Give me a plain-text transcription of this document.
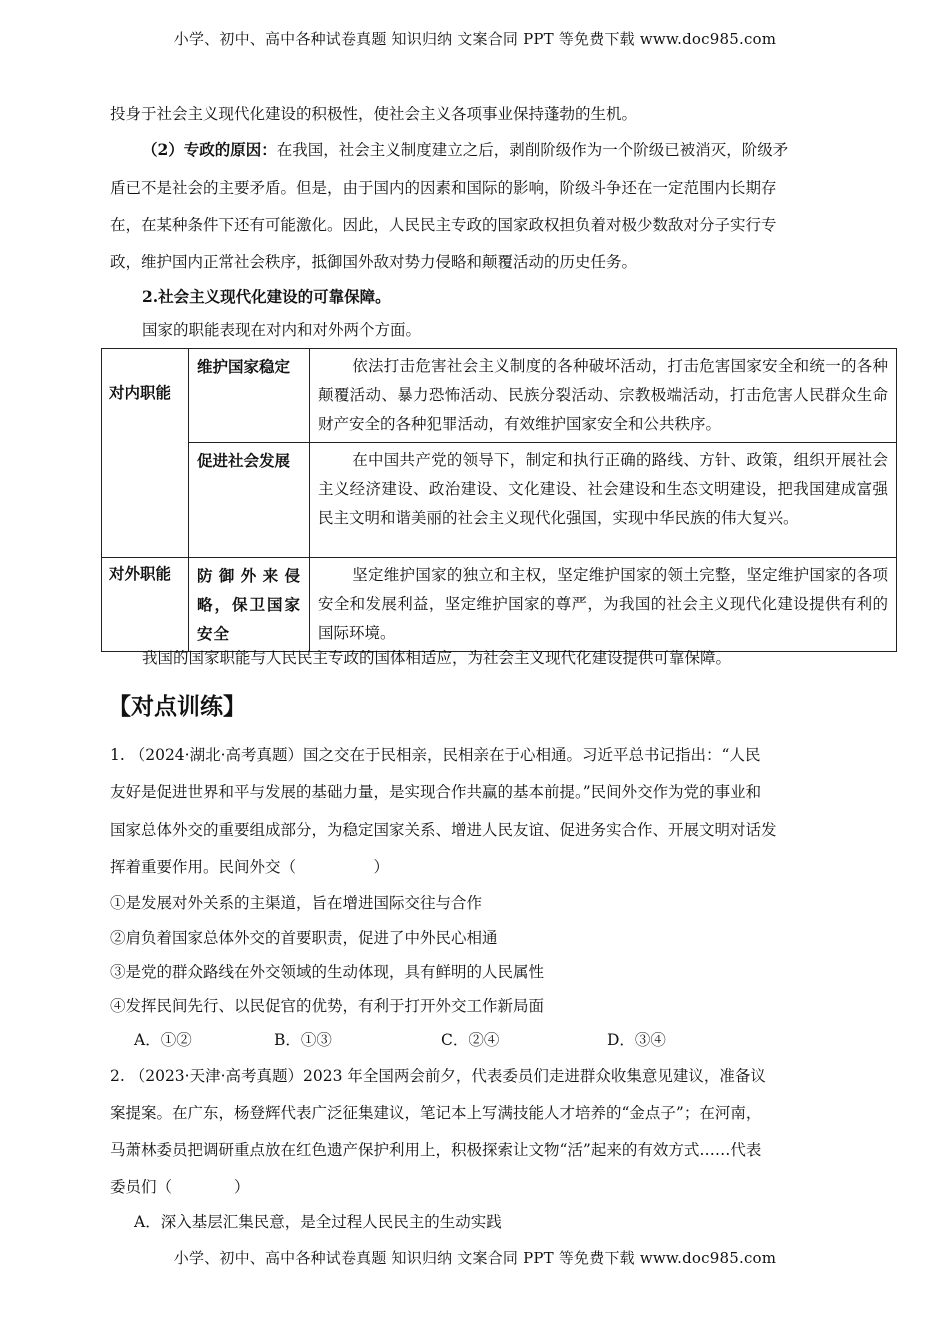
小学、初中、高中各种试卷真题 知识归纳 文案合同 PPT 等免费下载 www.doc985.com
投身于社会主义现代化建设的积极性，使社会主义各项事业保持蓬勃的生机。
（2）专政的原因：在我国，社会主义制度建立之后，剥削阶级作为一个阶级已被消灭，阶级矛
盾已不是社会的主要矛盾。但是，由于国内的因素和国际的影响，阶级斗争还在一定范围内长期存
在，在某种条件下还有可能激化。因此，人民民主专政的国家政权担负着对极少数敌对分子实行专
政，维护国内正常社会秩序，抵御国外敌对势力侵略和颠覆活动的历史任务。
2.社会主义现代化建设的可靠保障。
国家的职能表现在对内和对外两个方面。
对内职能	维护国家稳定	依法打击危害社会主义制度的各种破坏活动，打击危害国家安全和统一的各种颠覆活动、暴力恐怖活动、民族分裂活动、宗教极端活动，打击危害人民群众生命财产安全的各种犯罪活动，有效维护国家安全和公共秩序。

	促进社会发展	在中国共产党的领导下，制定和执行正确的路线、方针、政策，组织开展社会主义经济建设、政治建设、文化建设、社会建设和生态文明建设，把我国建成富强民主文明和谐美丽的社会主义现代化强国，实现中华民族的伟大复兴。

对外职能	防御外来侵略，保卫国家安全	坚定维护国家的独立和主权，坚定维护国家的领土完整，坚定维护国家的各项安全和发展利益，坚定维护国家的尊严，为我国的社会主义现代化建设提供有利的国际环境。
我国的国家职能与人民民主专政的国体相适应，为社会主义现代化建设提供可靠保障。
【对点训练】
1. （2024·湖北·高考真题）国之交在于民相亲，民相亲在于心相通。习近平总书记指出：“人民
友好是促进世界和平与发展的基础力量，是实现合作共赢的基本前提。”民间外交作为党的事业和
国家总体外交的重要组成部分，为稳定国家关系、增进人民友谊、促进务实合作、开展文明对话发
挥着重要作用。民间外交（　　　　　）
①是发展对外关系的主渠道，旨在增进国际交往与合作
②肩负着国家总体外交的首要职责，促进了中外民心相通
③是党的群众路线在外交领域的生动体现，具有鲜明的人民属性
④发挥民间先行、以民促官的优势，有利于打开外交工作新局面
A．①②	B．①③	C．②④	D．③④
2. （2023·天津·高考真题）2023 年全国两会前夕，代表委员们走进群众收集意见建议，准备议
案提案。在广东，杨登辉代表广泛征集建议，笔记本上写满技能人才培养的“金点子”；在河南，
马萧林委员把调研重点放在红色遗产保护利用上，积极探索让文物“活”起来的有效方式……代表
委员们（　　　　）
A．深入基层汇集民意，是全过程人民民主的生动实践
小学、初中、高中各种试卷真题 知识归纳 文案合同 PPT 等免费下载 www.doc985.com
